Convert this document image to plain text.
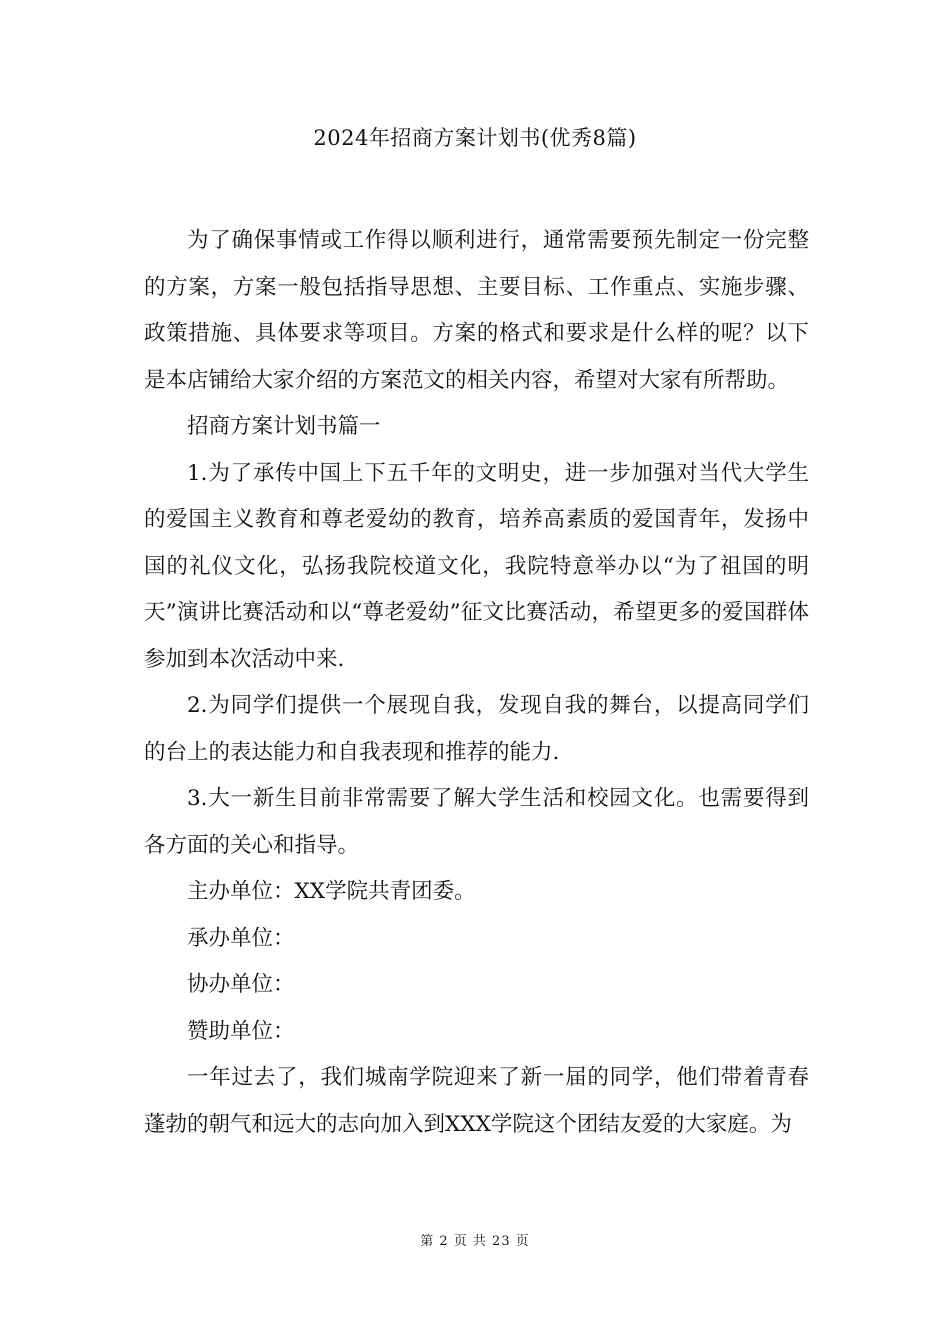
2024年招商方案计划书(优秀8篇)

为了确保事情或工作得以顺利进行，通常需要预先制定一份完整的方案，方案一般包括指导思想、主要目标、工作重点、实施步骤、政策措施、具体要求等项目。方案的格式和要求是什么样的呢？以下是本店铺给大家介绍的方案范文的相关内容，希望对大家有所帮助。

招商方案计划书篇一

1.为了承传中国上下五千年的文明史，进一步加强对当代大学生的爱国主义教育和尊老爱幼的教育，培养高素质的爱国青年，发扬中国的礼仪文化，弘扬我院校道文化，我院特意举办以“为了祖国的明天”演讲比赛活动和以“尊老爱幼”征文比赛活动，希望更多的爱国群体参加到本次活动中来.

2.为同学们提供一个展现自我，发现自我的舞台，以提高同学们的台上的表达能力和自我表现和推荐的能力.

3.大一新生目前非常需要了解大学生活和校园文化。也需要得到各方面的关心和指导。

主办单位：XX学院共青团委。

承办单位：

协办单位：

赞助单位：

一年过去了，我们城南学院迎来了新一届的同学，他们带着青春蓬勃的朝气和远大的志向加入到XXX学院这个团结友爱的大家庭。为

第 2 页 共 23 页
